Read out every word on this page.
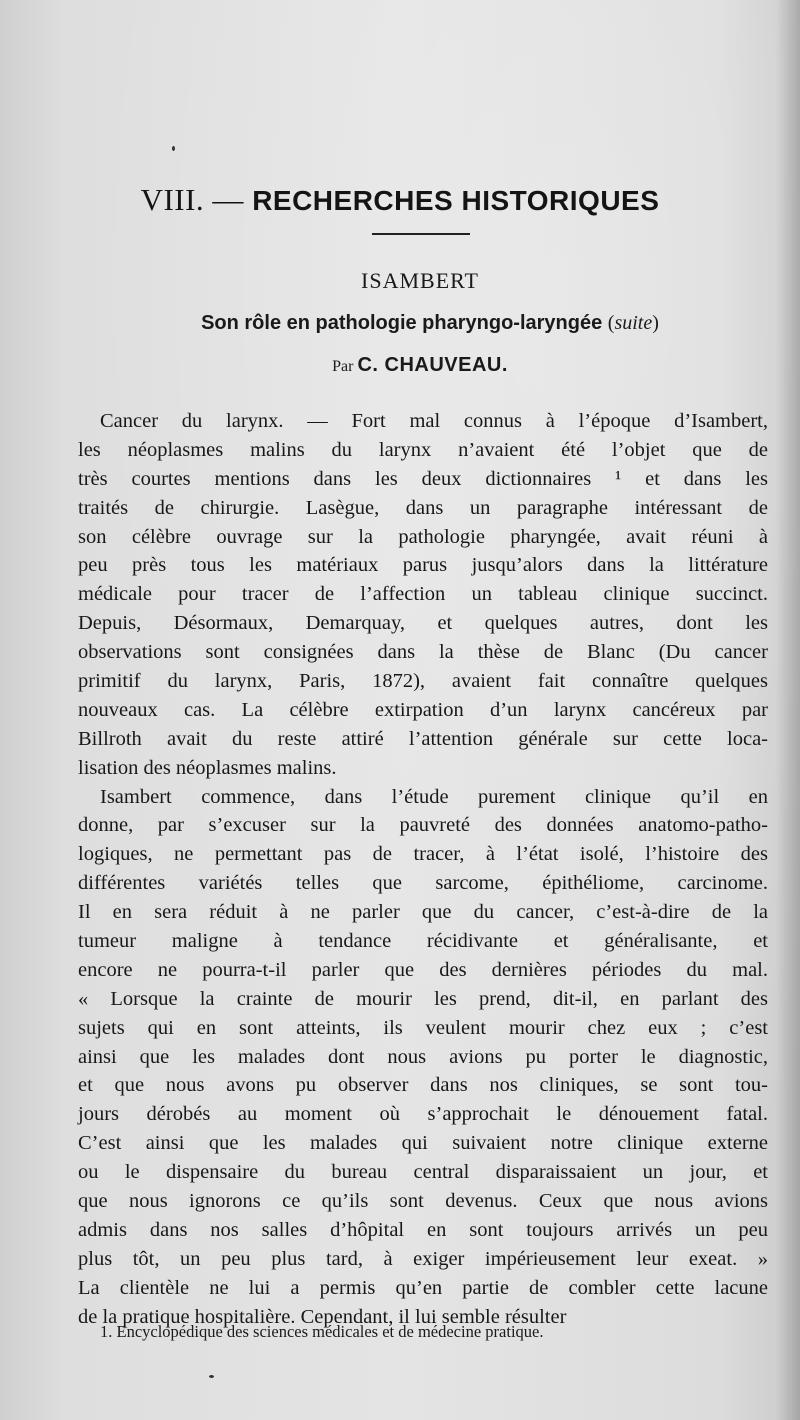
VIII. — RECHERCHES HISTORIQUES
ISAMBERT
Son rôle en pathologie pharyngo-laryngée (suite)
Par C. CHAUVEAU.
Cancer du larynx. — Fort mal connus à l’époque d’Isambert,
les néoplasmes malins du larynx n’avaient été l’objet que de
très courtes mentions dans les deux dictionnaires ¹ et dans les
traités de chirurgie. Lasègue, dans un paragraphe intéressant de
son célèbre ouvrage sur la pathologie pharyngée, avait réuni à
peu près tous les matériaux parus jusqu’alors dans la littérature
médicale pour tracer de l’affection un tableau clinique succinct.
Depuis, Désormaux, Demarquay, et quelques autres, dont les
observations sont consignées dans la thèse de Blanc (Du cancer
primitif du larynx, Paris, 1872), avaient fait connaître quelques
nouveaux cas. La célèbre extirpation d’un larynx cancéreux par
Billroth avait du reste attiré l’attention générale sur cette loca-
lisation des néoplasmes malins.
Isambert commence, dans l’étude purement clinique qu’il en
donne, par s’excuser sur la pauvreté des données anatomo-patho-
logiques, ne permettant pas de tracer, à l’état isolé, l’histoire des
différentes variétés telles que sarcome, épithéliome, carcinome.
Il en sera réduit à ne parler que du cancer, c’est-à-dire de la
tumeur maligne à tendance récidivante et généralisante, et
encore ne pourra-t-il parler que des dernières périodes du mal.
« Lorsque la crainte de mourir les prend, dit-il, en parlant des
sujets qui en sont atteints, ils veulent mourir chez eux ; c’est
ainsi que les malades dont nous avions pu porter le diagnostic,
et que nous avons pu observer dans nos cliniques, se sont tou-
jours dérobés au moment où s’approchait le dénouement fatal.
C’est ainsi que les malades qui suivaient notre clinique externe
ou le dispensaire du bureau central disparaissaient un jour, et
que nous ignorons ce qu’ils sont devenus. Ceux que nous avions
admis dans nos salles d’hôpital en sont toujours arrivés un peu
plus tôt, un peu plus tard, à exiger impérieusement leur exeat. »
La clientèle ne lui a permis qu’en partie de combler cette lacune
de la pratique hospitalière. Cependant, il lui semble résulter
1. Encyclopédique des sciences médicales et de médecine pratique.
